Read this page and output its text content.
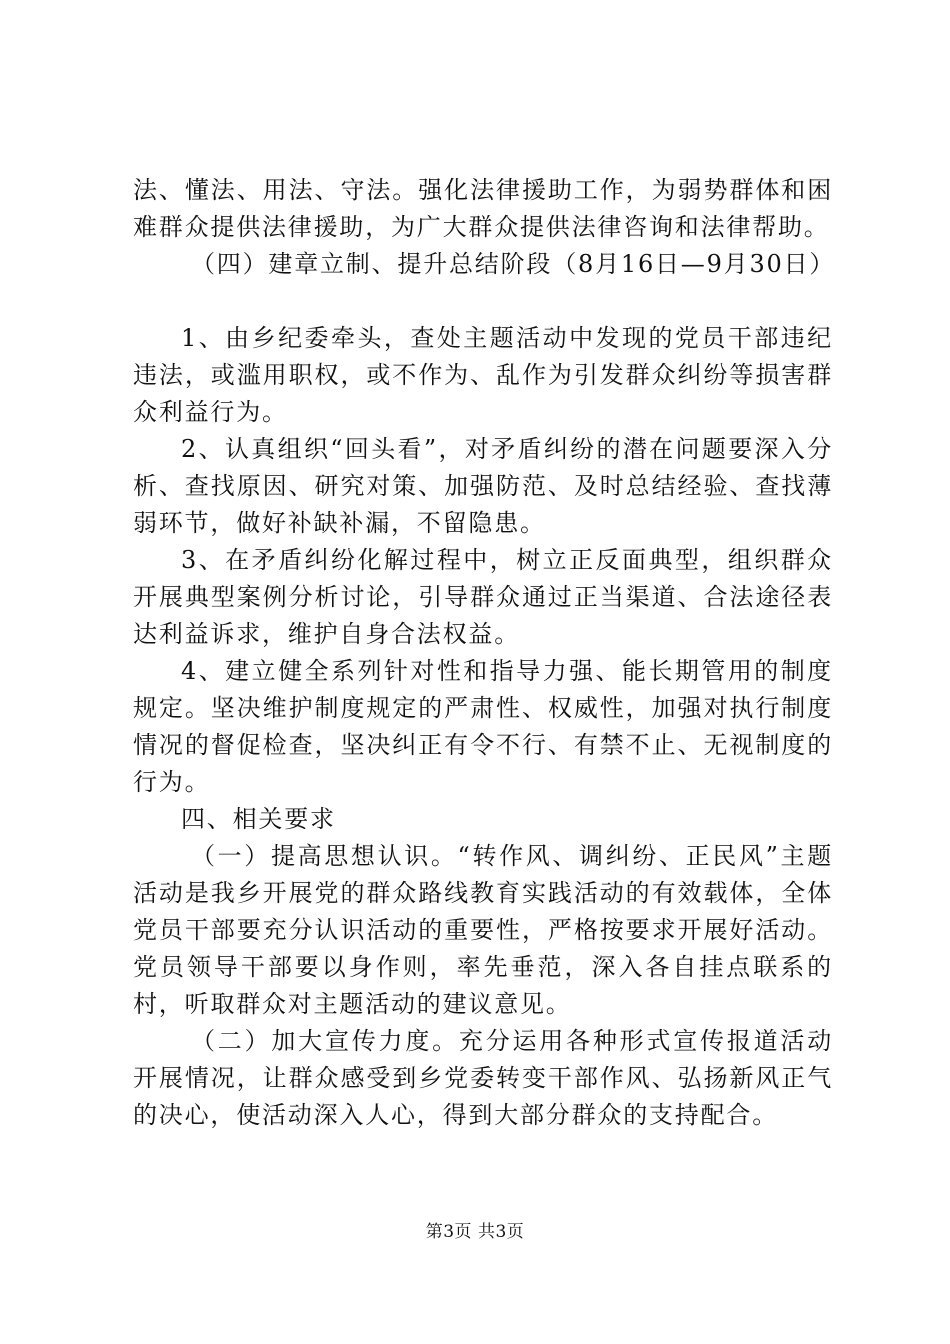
法、懂法、用法、守法。强化法律援助工作，为弱势群体和困难群众提供法律援助，为广大群众提供法律咨询和法律帮助。

（四）建章立制、提升总结阶段（8月16日—9月30日）

1、由乡纪委牵头，查处主题活动中发现的党员干部违纪违法，或滥用职权，或不作为、乱作为引发群众纠纷等损害群众利益行为。

2、认真组织“回头看”，对矛盾纠纷的潜在问题要深入分析、查找原因、研究对策、加强防范、及时总结经验、查找薄弱环节，做好补缺补漏，不留隐患。

3、在矛盾纠纷化解过程中，树立正反面典型，组织群众开展典型案例分析讨论，引导群众通过正当渠道、合法途径表达利益诉求，维护自身合法权益。

4、建立健全系列针对性和指导力强、能长期管用的制度规定。坚决维护制度规定的严肃性、权威性，加强对执行制度情况的督促检查，坚决纠正有令不行、有禁不止、无视制度的行为。

四、相关要求

（一）提高思想认识。“转作风、调纠纷、正民风”主题活动是我乡开展党的群众路线教育实践活动的有效载体，全体党员干部要充分认识活动的重要性，严格按要求开展好活动。党员领导干部要以身作则，率先垂范，深入各自挂点联系的村，听取群众对主题活动的建议意见。

（二）加大宣传力度。充分运用各种形式宣传报道活动开展情况，让群众感受到乡党委转变干部作风、弘扬新风正气的决心，使活动深入人心，得到大部分群众的支持配合。

第3页 共3页
